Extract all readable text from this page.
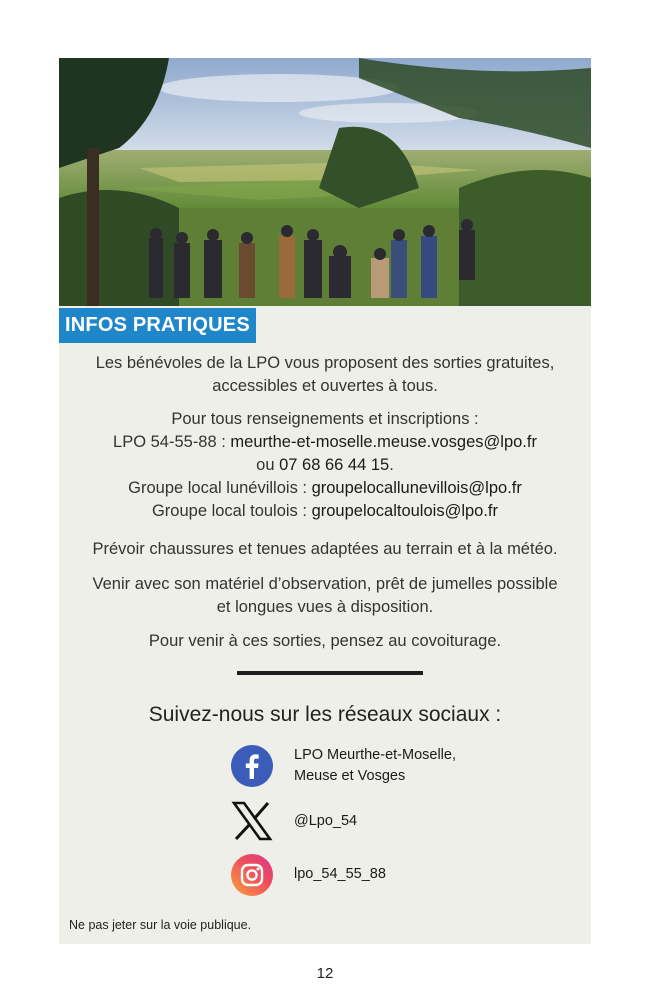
INFOS PRATIQUES
Les bénévoles de la LPO vous proposent des sorties gratuites,
accessibles et ouvertes à tous.
Pour tous renseignements et inscriptions :
LPO 54-55-88 : meurthe-et-moselle.meuse.vosges@lpo.fr
ou 07 68 66 44 15.
Groupe local lunévillois : groupelocallunevillois@lpo.fr
Groupe local toulois : groupelocaltoulois@lpo.fr
Prévoir chaussures et tenues adaptées au terrain et à la météo.
Venir avec son matériel d’observation, prêt de jumelles possible
et longues vues à disposition.
Pour venir à ces sorties, pensez au covoiturage.
Suivez-nous sur les réseaux sociaux :
LPO Meurthe-et-Moselle,
Meuse et Vosges
@Lpo_54
lpo_54_55_88
Ne pas jeter sur la voie publique.
12
